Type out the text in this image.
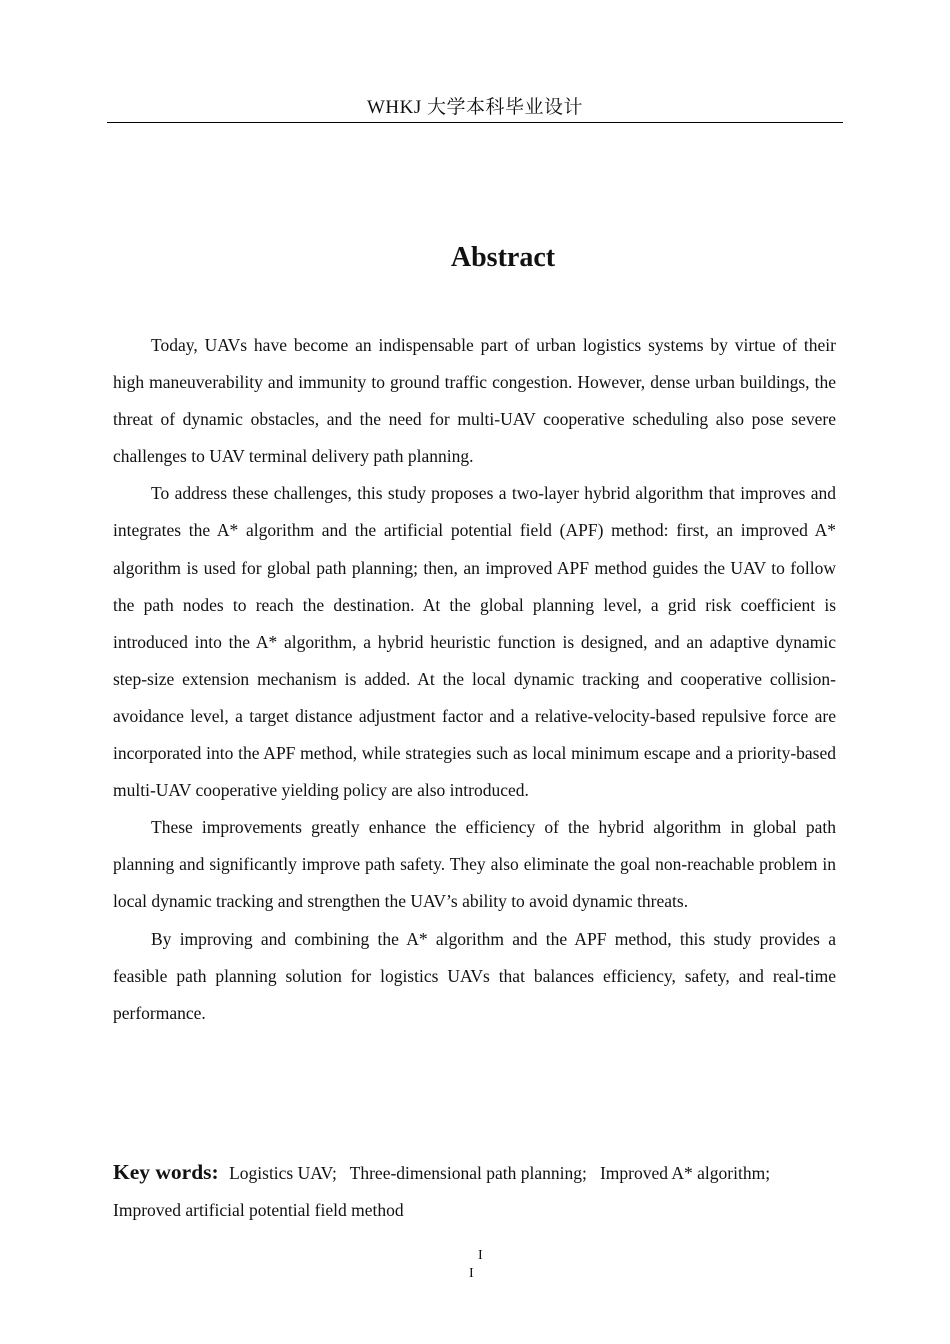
WHKJ 大学本科毕业设计
Abstract

Today, UAVs have become an indispensable part of urban logistics systems by virtue of their high maneuverability and immunity to ground traffic congestion. However, dense urban buildings, the threat of dynamic obstacles, and the need for multi-UAV cooperative scheduling also pose severe challenges to UAV terminal delivery path planning.

To address these challenges, this study proposes a two-layer hybrid algorithm that improves and integrates the A* algorithm and the artificial potential field (APF) method: first, an improved A* algorithm is used for global path planning; then, an improved APF method guides the UAV to follow the path nodes to reach the destination. At the global planning level, a grid risk coefficient is introduced into the A* algorithm, a hybrid heuristic function is designed, and an adaptive dynamic step-size extension mechanism is added. At the local dynamic tracking and cooperative collision-avoidance level, a target distance adjustment factor and a relative-velocity-based repulsive force are incorporated into the APF method, while strategies such as local minimum escape and a priority-based multi-UAV cooperative yielding policy are also introduced.

These improvements greatly enhance the efficiency of the hybrid algorithm in global path planning and significantly improve path safety. They also eliminate the goal non-reachable problem in local dynamic tracking and strengthen the UAV’s ability to avoid dynamic threats.

By improving and combining the A* algorithm and the APF method, this study provides a feasible path planning solution for logistics UAVs that balances efficiency, safety, and real-time performance.

Key words: Logistics UAV; Three-dimensional path planning; Improved A* algorithm;
Improved artificial potential field method
I
I
